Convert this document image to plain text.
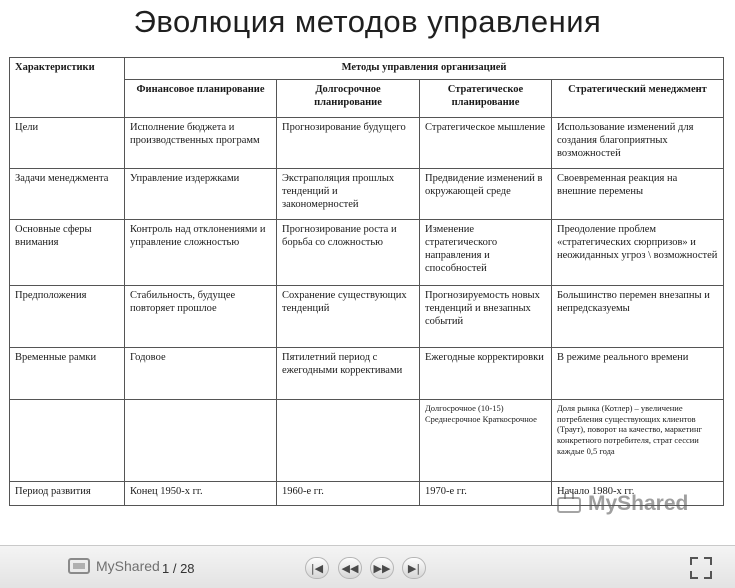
Эволюция методов управления
Характеристики	Методы управления организацией			
	Финансовое планирование	Долгосрочное планирование	Стратегическое планирование	Стратегический менеджмент
Цели	Исполнение бюджета и производственных программ	Прогнозирование будущего	Стратегическое мышление	Использование изменений для создания благоприятных возможностей
Задачи менеджмента	Управление издержками	Экстраполяция прошлых тенденций и закономерностей	Предвидение изменений в окружающей среде	Своевременная реакция на внешние перемены
Основные сферы внимания	Контроль над отклонениями и управление сложностью	Прогнозирование роста и борьба со сложностью	Изменение стратегического направления и способностей	Преодоление проблем «стратегических сюрпризов» и неожиданных угроз \ возможностей
Предположения	Стабильность, будущее повторяет прошлое	Сохранение существующих тенденций	Прогнозируемость новых тенденций и внезапных событий	Большинство перемен внезапны и непредсказуемы
Временные рамки	Годовое	Пятилетний период с ежегодными коррективами	Ежегодные корректировки	В режиме реального времени
			Долгосрочное (10-15) Среднесрочное Краткосрочное	Доля рынка (Котлер) – увеличение потребления существующих клиентов (Траут), поворот на качество, маркетинг конкретного потребителя, страт сессии каждые 0,5 года
Период развития	Конец 1950-х гг.	1960-е гг.	1970-е гг.	Начало 1980-х гг.
MyShared
MyShared 1 / 28	|◀ ◀◀ ▶▶ ▶|
